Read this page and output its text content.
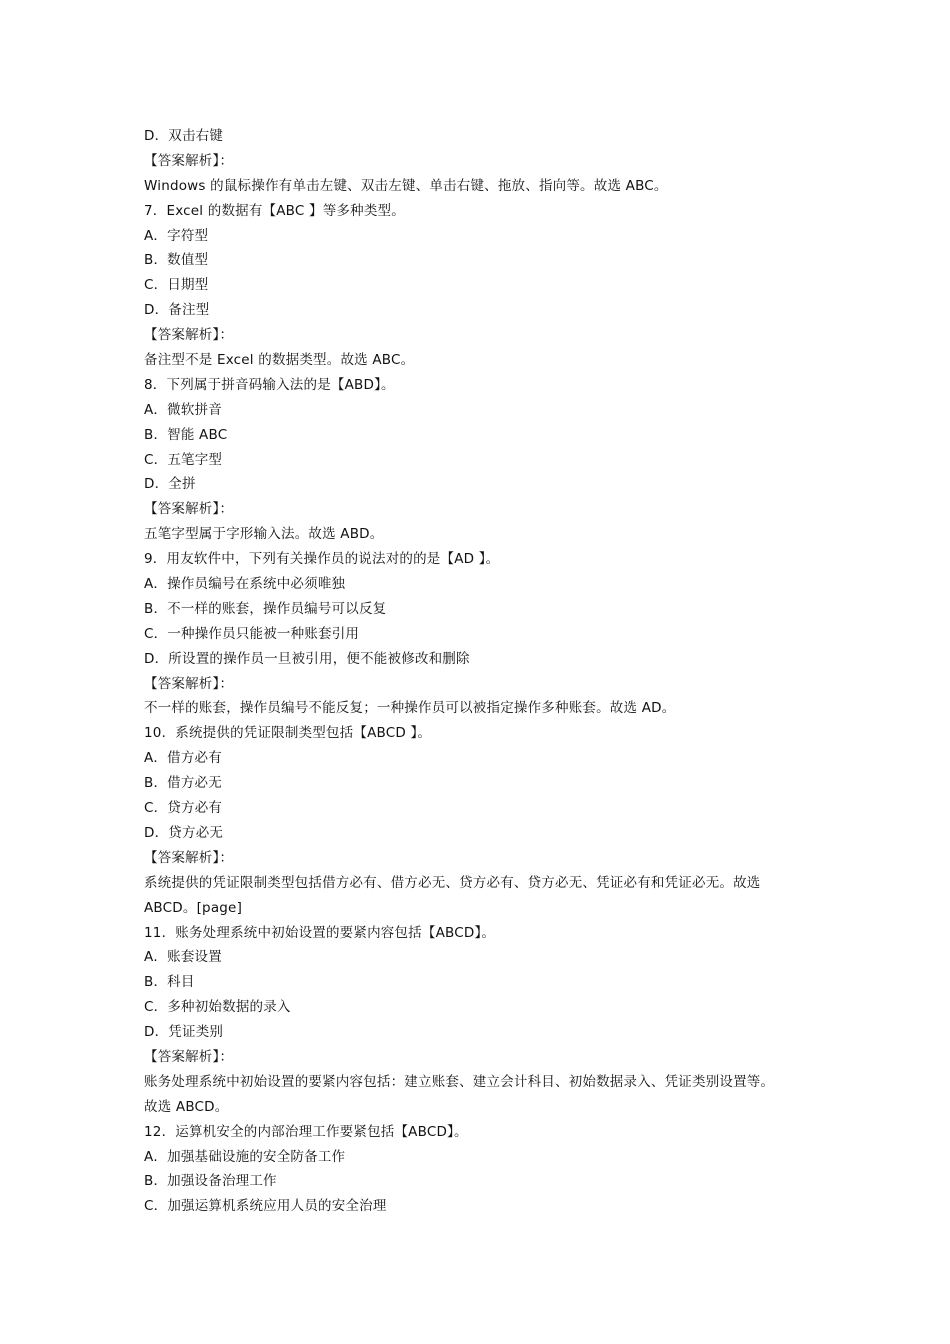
D．双击右键
【答案解析】：
Windows 的鼠标操作有单击左键、双击左键、单击右键、拖放、指向等。故选 ABC。
7．Excel 的数据有【ABC 】等多种类型。
A．字符型
B．数值型
C．日期型
D．备注型
【答案解析】：
备注型不是 Excel 的数据类型。故选 ABC。
8．下列属于拼音码输入法的是【ABD】。
A．微软拼音
B．智能 ABC
C．五笔字型
D．全拼
【答案解析】：
五笔字型属于字形输入法。故选 ABD。
9．用友软件中，下列有关操作员的说法对的的是【AD 】。
A．操作员编号在系统中必须唯独
B．不一样的账套，操作员编号可以反复
C．一种操作员只能被一种账套引用
D．所设置的操作员一旦被引用，便不能被修改和删除
【答案解析】：
不一样的账套，操作员编号不能反复；一种操作员可以被指定操作多种账套。故选 AD。
10．系统提供的凭证限制类型包括【ABCD 】。
A．借方必有
B．借方必无
C．贷方必有
D．贷方必无
【答案解析】：
系统提供的凭证限制类型包括借方必有、借方必无、贷方必有、贷方必无、凭证必有和凭证必无。故选
ABCD。[page]
11．账务处理系统中初始设置的要紧内容包括【ABCD】。
A．账套设置
B．科目
C．多种初始数据的录入
D．凭证类别
【答案解析】：
账务处理系统中初始设置的要紧内容包括：建立账套、建立会计科目、初始数据录入、凭证类别设置等。
故选 ABCD。
12．运算机安全的内部治理工作要紧包括【ABCD】。
A．加强基础设施的安全防备工作
B．加强设备治理工作
C．加强运算机系统应用人员的安全治理
